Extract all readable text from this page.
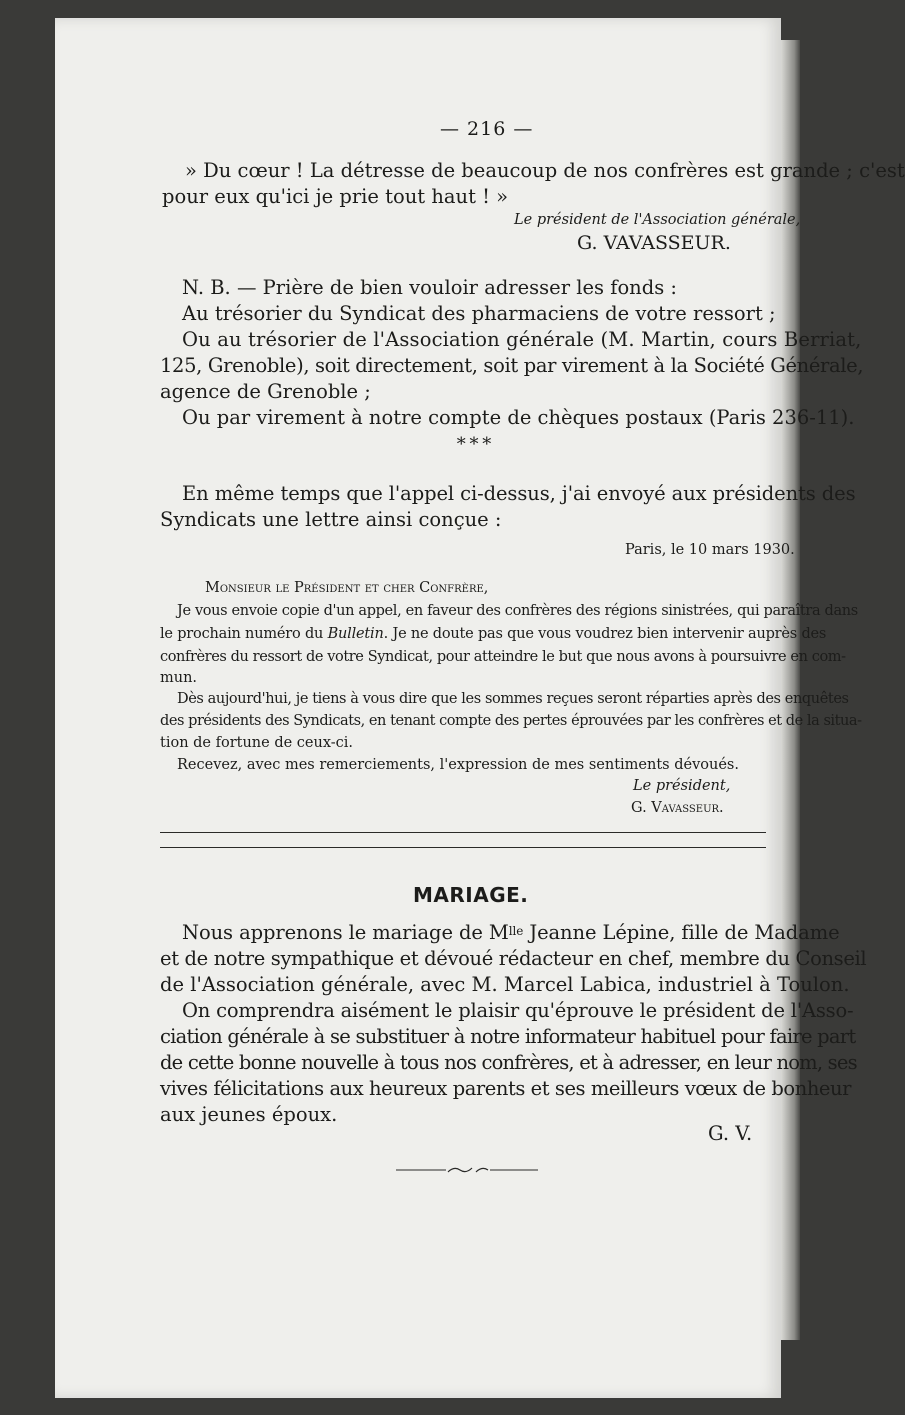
— 216 —
» Du cœur ! La détresse de beaucoup de nos confrères est grande ; c'est
pour eux qu'ici je prie tout haut ! »
Le président de l'Association générale,
G. VAVASSEUR.
N. B. — Prière de bien vouloir adresser les fonds :
Au trésorier du Syndicat des pharmaciens de votre ressort ;
Ou au trésorier de l'Association générale (M. Martin, cours Berriat,
125, Grenoble), soit directement, soit par virement à la Société Générale,
agence de Grenoble ;
Ou par virement à notre compte de chèques postaux (Paris 236-11).
* * *
En même temps que l'appel ci-dessus, j'ai envoyé aux présidents des
Syndicats une lettre ainsi conçue :
Paris, le 10 mars 1930.
Monsieur le Président et cher Confrère,
Je vous envoie copie d'un appel, en faveur des confrères des régions sinistrées, qui paraîtra dans
le prochain numéro du Bulletin. Je ne doute pas que vous voudrez bien intervenir auprès des
confrères du ressort de votre Syndicat, pour atteindre le but que nous avons à poursuivre en com-
mun.
Dès aujourd'hui, je tiens à vous dire que les sommes reçues seront réparties après des enquêtes
des présidents des Syndicats, en tenant compte des pertes éprouvées par les confrères et de la situa-
tion de fortune de ceux-ci.
Recevez, avec mes remerciements, l'expression de mes sentiments dévoués.
Le président,
G. Vavasseur.
MARIAGE.
Nous apprenons le mariage de $M^{lle}$ Jeanne Lépine, fille de Madame
et de notre sympathique et dévoué rédacteur en chef, membre du Conseil
de l'Association générale, avec M. Marcel Labica, industriel à Toulon.
On comprendra aisément le plaisir qu'éprouve le président de l'Asso-
ciation générale à se substituer à notre informateur habituel pour faire part
de cette bonne nouvelle à tous nos confrères, et à adresser, en leur nom, ses
vives félicitations aux heureux parents et ses meilleurs vœux de bonheur
aux jeunes époux.
G. V.
